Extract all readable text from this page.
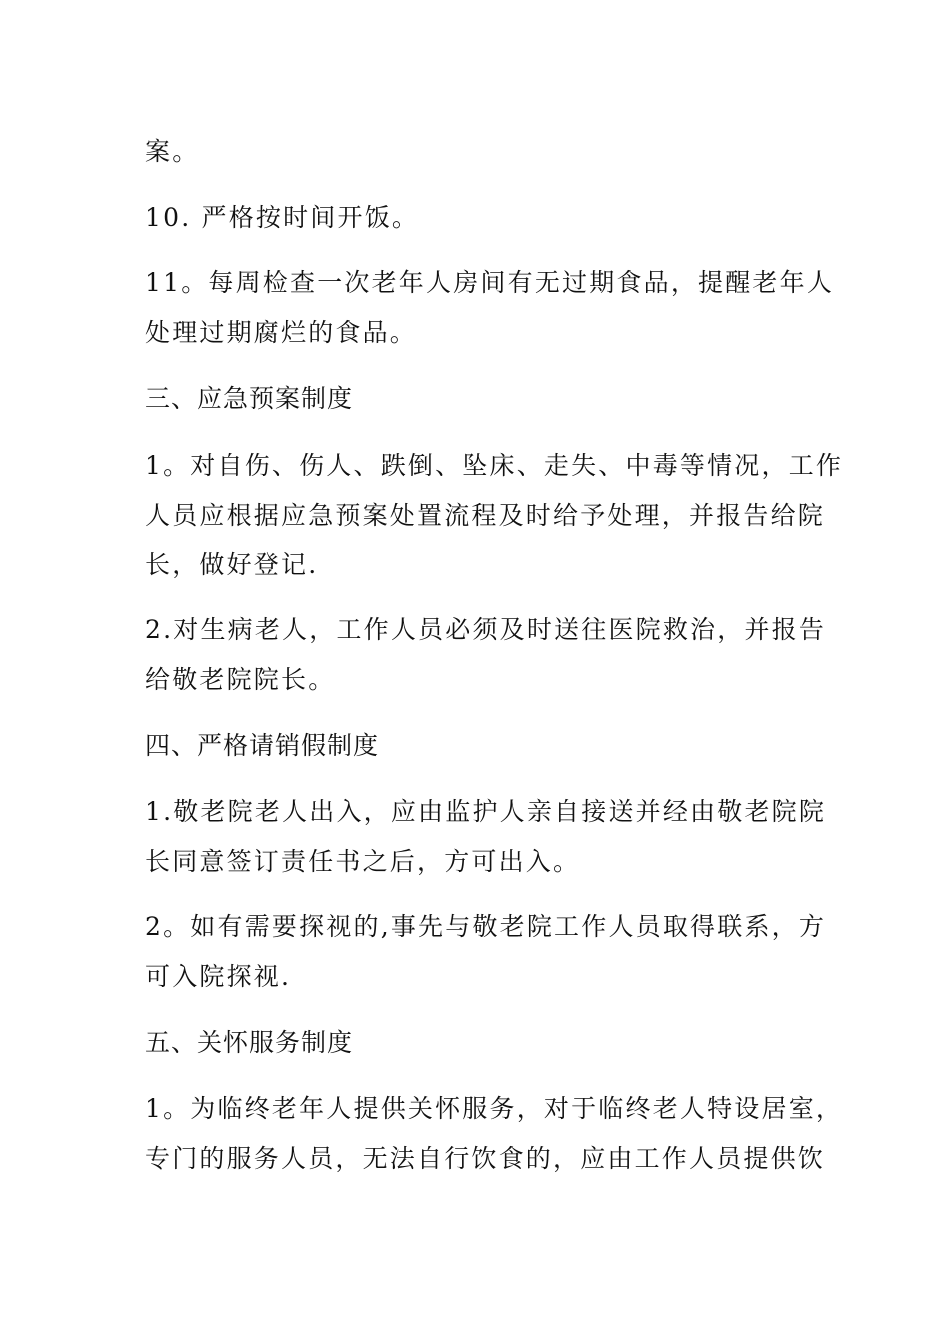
案。
10. 严格按时间开饭。
11。每周检查一次老年人房间有无过期食品，提醒老年人
处理过期腐烂的食品。
三、应急预案制度
1。对自伤、伤人、跌倒、坠床、走失、中毒等情况，工作
人员应根据应急预案处置流程及时给予处理，并报告给院
长，做好登记.
2.对生病老人，工作人员必须及时送往医院救治，并报告
给敬老院院长。
四、严格请销假制度
1.敬老院老人出入，应由监护人亲自接送并经由敬老院院
长同意签订责任书之后，方可出入。
2。如有需要探视的,事先与敬老院工作人员取得联系，方
可入院探视.
五、关怀服务制度
1。为临终老年人提供关怀服务，对于临终老人特设居室，
专门的服务人员，无法自行饮食的，应由工作人员提供饮
